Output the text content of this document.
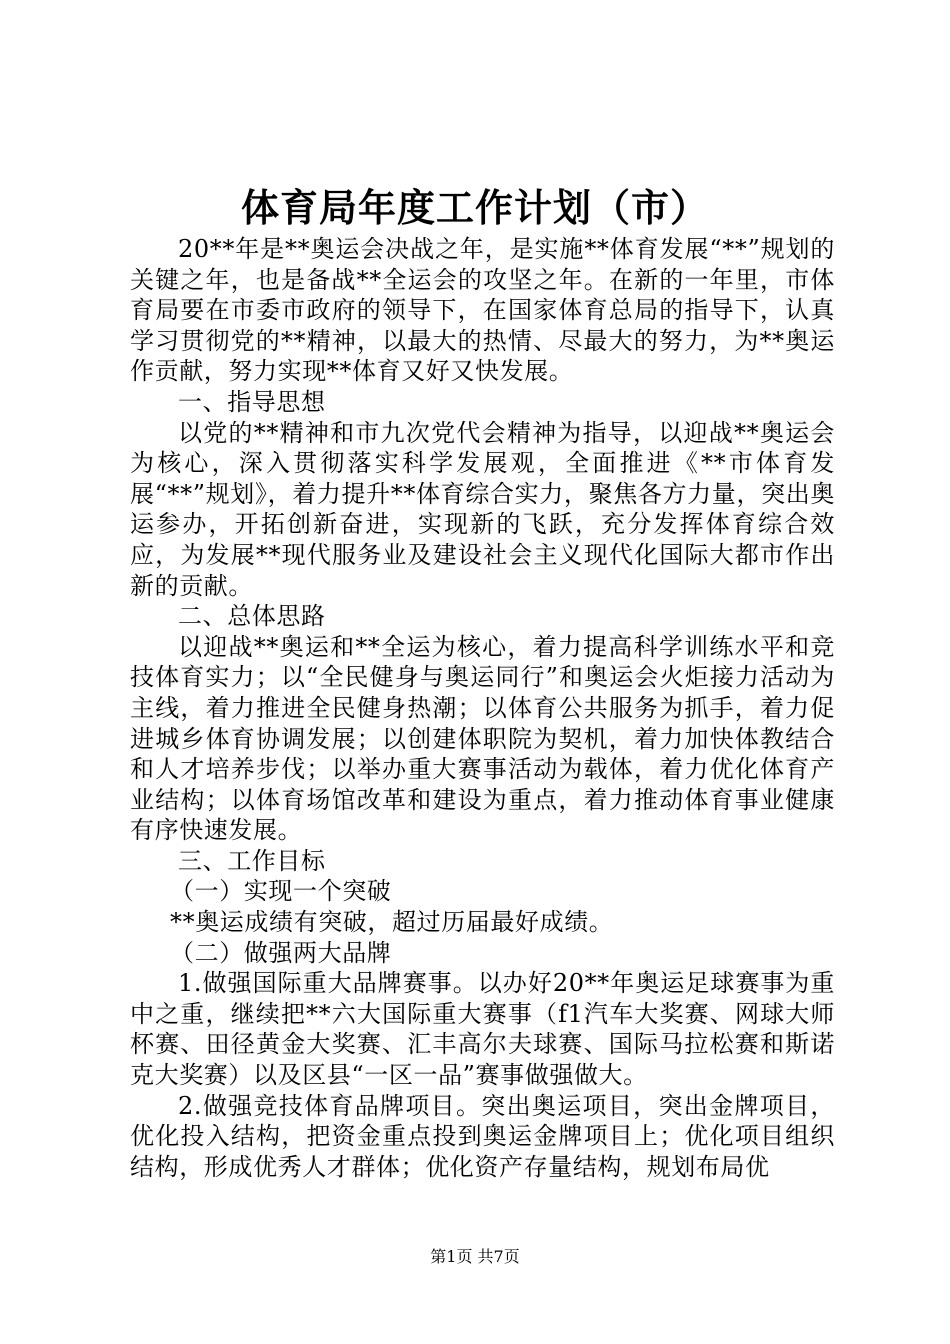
体育局年度工作计划（市）

20**年是**奥运会决战之年，是实施**体育发展“**”规划的关键之年，也是备战**全运会的攻坚之年。在新的一年里，市体育局要在市委市政府的领导下，在国家体育总局的指导下，认真学习贯彻党的**精神，以最大的热情、尽最大的努力，为**奥运作贡献，努力实现**体育又好又快发展。

一、指导思想

以党的**精神和市九次党代会精神为指导，以迎战**奥运会为核心，深入贯彻落实科学发展观，全面推进《**市体育发展“**”规划》，着力提升**体育综合实力，聚焦各方力量，突出奥运参办，开拓创新奋进，实现新的飞跃，充分发挥体育综合效应，为发展**现代服务业及建设社会主义现代化国际大都市作出新的贡献。

二、总体思路

以迎战**奥运和**全运为核心，着力提高科学训练水平和竞技体育实力；以“全民健身与奥运同行”和奥运会火炬接力活动为主线，着力推进全民健身热潮；以体育公共服务为抓手，着力促进城乡体育协调发展；以创建体职院为契机，着力加快体教结合和人才培养步伐；以举办重大赛事活动为载体，着力优化体育产业结构；以体育场馆改革和建设为重点，着力推动体育事业健康有序快速发展。

三、工作目标

（一）实现一个突破

**奥运成绩有突破，超过历届最好成绩。

（二）做强两大品牌

1.做强国际重大品牌赛事。以办好20**年奥运足球赛事为重中之重，继续把**六大国际重大赛事（f1汽车大奖赛、网球大师杯赛、田径黄金大奖赛、汇丰高尔夫球赛、国际马拉松赛和斯诺克大奖赛）以及区县“一区一品”赛事做强做大。

2.做强竞技体育品牌项目。突出奥运项目，突出金牌项目，优化投入结构，把资金重点投到奥运金牌项目上；优化项目组织结构，形成优秀人才群体；优化资产存量结构，规划布局优

第1页 共7页
